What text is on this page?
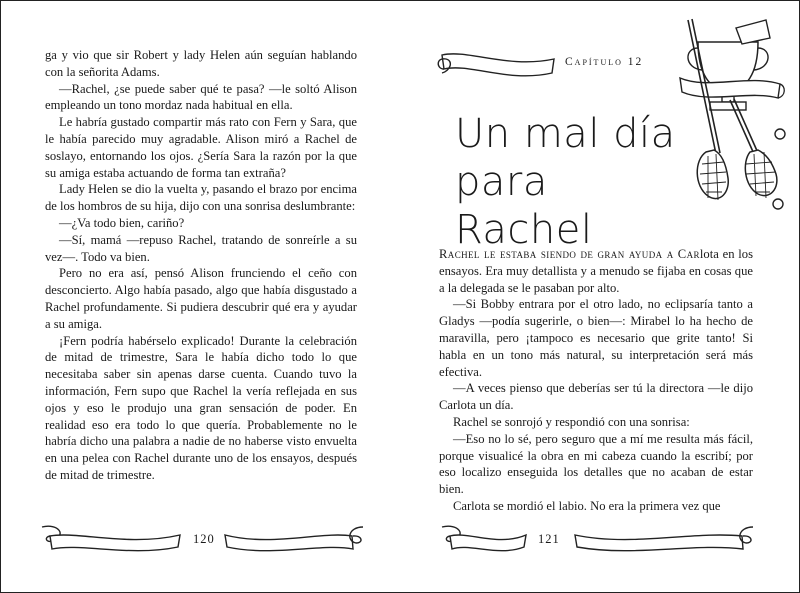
ga y vio que sir Robert y lady Helen aún seguían hablando con la señorita Adams.

—Rachel, ¿se puede saber qué te pasa? —le soltó Alison empleando un tono mordaz nada habitual en ella.

Le habría gustado compartir más rato con Fern y Sara, que le había parecido muy agradable. Alison miró a Rachel de soslayo, entornando los ojos. ¿Sería Sara la razón por la que su amiga estaba actuando de forma tan extraña?

Lady Helen se dio la vuelta y, pasando el brazo por encima de los hombros de su hija, dijo con una sonrisa deslumbrante:

—¿Va todo bien, cariño?

—Sí, mamá —repuso Rachel, tratando de sonreírle a su vez—. Todo va bien.

Pero no era así, pensó Alison frunciendo el ceño con desconcierto. Algo había pasado, algo que había disgustado a Rachel profundamente. Si pudiera descubrir qué era y ayudar a su amiga.

¡Fern podría habérselo explicado! Durante la celebración de mitad de trimestre, Sara le había dicho todo lo que necesitaba saber sin apenas darse cuenta. Cuando tuvo la información, Fern supo que Rachel la vería reflejada en sus ojos y eso le produjo una gran sensación de poder. En realidad eso era todo lo que quería. Probablemente no le habría dicho una palabra a nadie de no haberse visto envuelta en una pelea con Rachel durante uno de los ensayos, después de mitad de trimestre.

120
Capítulo 12
Un mal día
para Rachel

Rachel le estaba siendo de gran ayuda a Carlota en los ensayos. Era muy detallista y a menudo se fijaba en cosas que a la delegada se le pasaban por alto.

—Si Bobby entrara por el otro lado, no eclipsaría tanto a Gladys —podía sugerirle, o bien—: Mirabel lo ha hecho de maravilla, pero ¡tampoco es necesario que grite tanto! Si habla en un tono más natural, su interpretación será más efectiva.

—A veces pienso que deberías ser tú la directora —le dijo Carlota un día.

Rachel se sonrojó y respondió con una sonrisa:

—Eso no lo sé, pero seguro que a mí me resulta más fácil, porque visualicé la obra en mi cabeza cuando la escribí; por eso localizo enseguida los detalles que no acaban de estar bien.

Carlota se mordió el labio. No era la primera vez que

121
